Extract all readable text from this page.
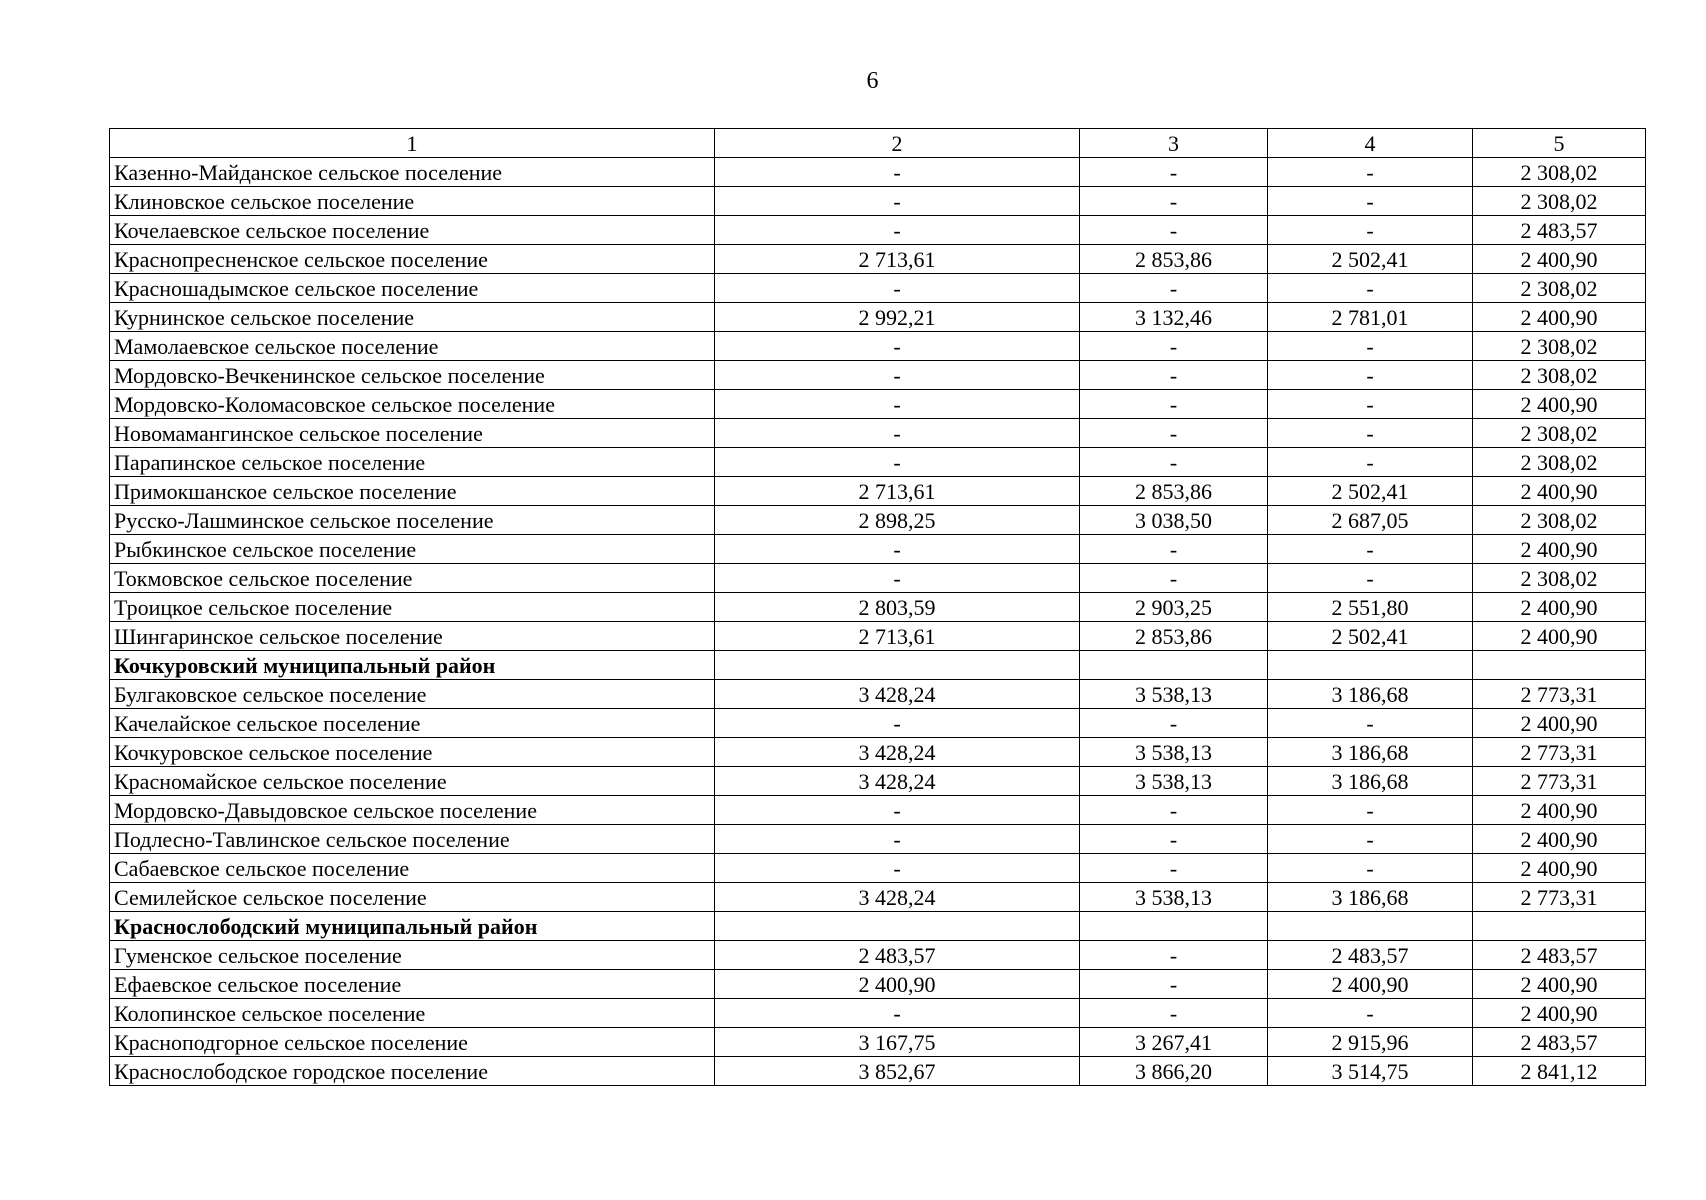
6
1	2	3	4	5
Казенно-Майданское сельское поселение	-	-	-	2 308,02
Клиновское сельское поселение	-	-	-	2 308,02
Кочелаевское сельское поселение	-	-	-	2 483,57
Краснопресненское сельское поселение	2 713,61	2 853,86	2 502,41	2 400,90
Красношадымское сельское поселение	-	-	-	2 308,02
Курнинское сельское поселение	2 992,21	3 132,46	2 781,01	2 400,90
Мамолаевское сельское поселение	-	-	-	2 308,02
Мордовско-Вечкенинское сельское поселение	-	-	-	2 308,02
Мордовско-Коломасовское сельское поселение	-	-	-	2 400,90
Новомамангинское сельское поселение	-	-	-	2 308,02
Парапинское сельское поселение	-	-	-	2 308,02
Примокшанское сельское поселение	2 713,61	2 853,86	2 502,41	2 400,90
Русско-Лашминское сельское поселение	2 898,25	3 038,50	2 687,05	2 308,02
Рыбкинское сельское поселение	-	-	-	2 400,90
Токмовское сельское поселение	-	-	-	2 308,02
Троицкое сельское поселение	2 803,59	2 903,25	2 551,80	2 400,90
Шингаринское сельское поселение	2 713,61	2 853,86	2 502,41	2 400,90
Кочкуровский муниципальный район				
Булгаковское сельское поселение	3 428,24	3 538,13	3 186,68	2 773,31
Качелайское сельское поселение	-	-	-	2 400,90
Кочкуровское сельское поселение	3 428,24	3 538,13	3 186,68	2 773,31
Красномайское сельское поселение	3 428,24	3 538,13	3 186,68	2 773,31
Мордовско-Давыдовское сельское поселение	-	-	-	2 400,90
Подлесно-Тавлинское сельское поселение	-	-	-	2 400,90
Сабаевское сельское поселение	-	-	-	2 400,90
Семилейское сельское поселение	3 428,24	3 538,13	3 186,68	2 773,31
Краснослободский муниципальный район				
Гуменское сельское поселение	2 483,57	-	2 483,57	2 483,57
Ефаевское сельское поселение	2 400,90	-	2 400,90	2 400,90
Колопинское сельское поселение	-	-	-	2 400,90
Красноподгорное сельское поселение	3 167,75	3 267,41	2 915,96	2 483,57
Краснослободское городское поселение	3 852,67	3 866,20	3 514,75	2 841,12
